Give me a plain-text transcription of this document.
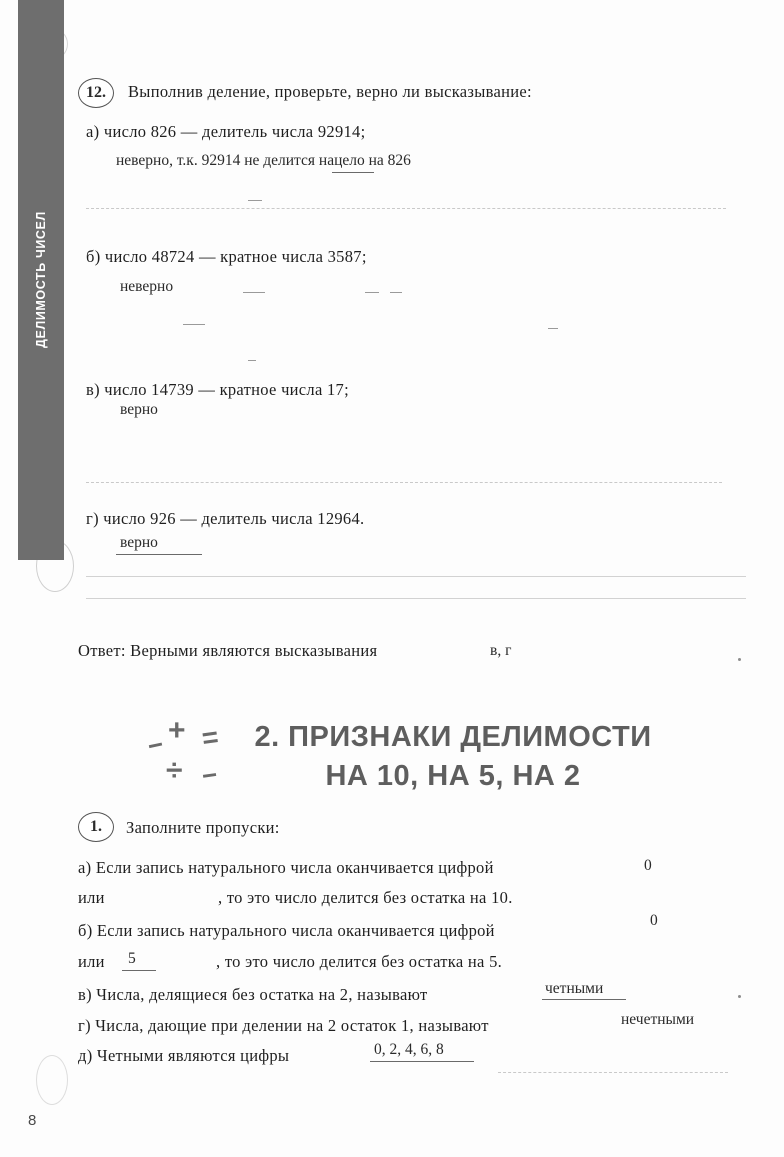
ДЕЛИМОСТЬ ЧИСЕЛ
12.	Выполнив деление, проверьте, верно ли высказывание:
а) число 826 — делитель числа 92914;
неверно, т.к. 92914 не делится нацело на 826
б) число 48724 — кратное числа 3587;
неверно
в) число 14739 — кратное числа 17;
верно
г) число 926 — делитель числа 12964.
верно
Ответ: Верными являются высказывания	в, г
− + =
÷ −
2. ПРИЗНАКИ ДЕЛИМОСТИ
НА 10, НА 5, НА 2
1.	Заполните пропуски:
а) Если запись натурального числа оканчивается цифрой	0
или	, то это число делится без остатка на 10.
б) Если запись натурального числа оканчивается цифрой
0
или 5	, то это число делится без остатка на 5.
в) Числа, делящиеся без остатка на 2, называют	четными
г) Числа, дающие при делении на 2 остаток 1, называют	нечетными
д) Четными являются цифры	0, 2, 4, 6, 8
8
